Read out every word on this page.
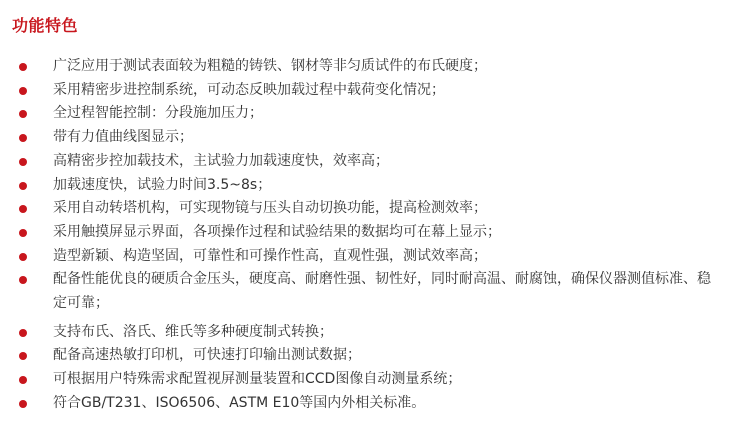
功能特色
广泛应用于测试表面较为粗糙的铸铁、钢材等非匀质试件的布氏硬度；
采用精密步进控制系统，可动态反映加载过程中载荷变化情况；
全过程智能控制：分段施加压力；
带有力值曲线图显示；
高精密步控加载技术，主试验力加载速度快，效率高；
加载速度快，试验力时间3.5~8s；
采用自动转塔机构，可实现物镜与压头自动切换功能，提高检测效率；
采用触摸屏显示界面，各项操作过程和试验结果的数据均可在幕上显示；
造型新颖、构造坚固，可靠性和可操作性高，直观性强，测试效率高；
配备性能优良的硬质合金压头，硬度高、耐磨性强、韧性好，同时耐高温、耐腐蚀，确保仪器测值标准、稳定可靠；
支持布氏、洛氏、维氏等多种硬度制式转换；
配备高速热敏打印机，可快速打印输出测试数据；
可根据用户特殊需求配置视屏测量装置和CCD图像自动测量系统；
符合GB/T231、ISO6506、ASTM E10等国内外相关标准。
